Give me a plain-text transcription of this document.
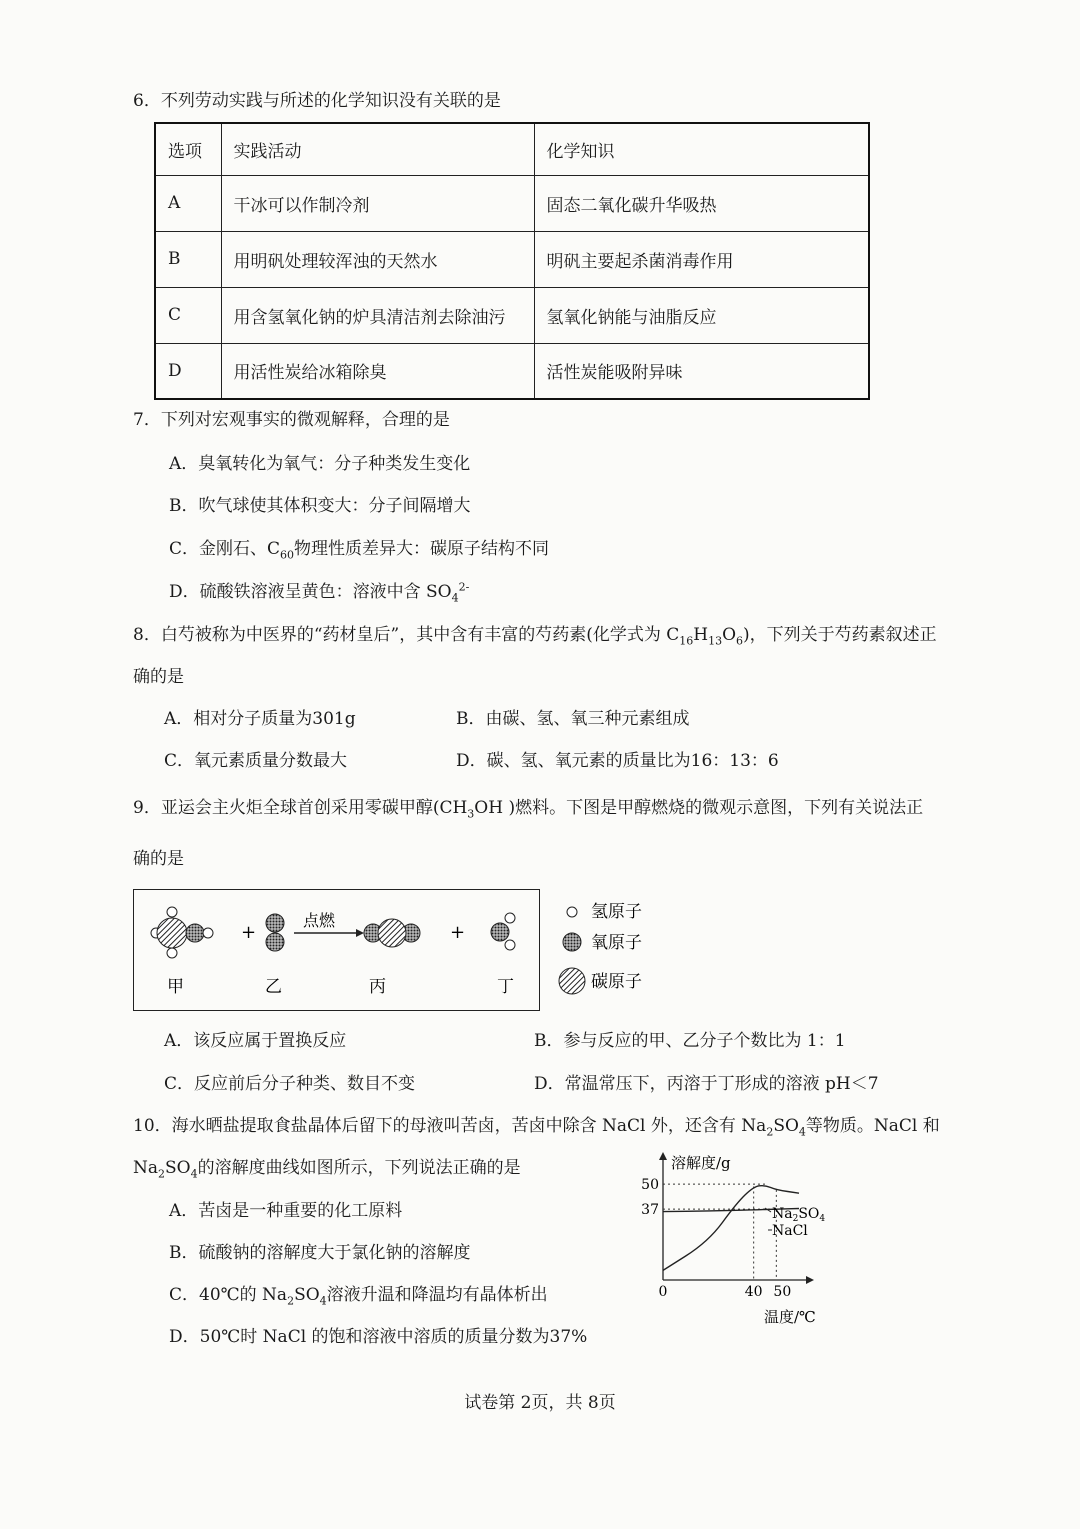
6．不列劳动实践与所述的化学知识没有关联的是
选项	实践活动	化学知识
A	干冰可以作制冷剂	固态二氧化碳升华吸热
B	用明矾处理较浑浊的天然水	明矾主要起杀菌消毒作用
C	用含氢氧化钠的炉具清洁剂去除油污	氢氧化钠能与油脂反应
D	用活性炭给冰箱除臭	活性炭能吸附异味
7．下列对宏观事实的微观解释，合理的是
A．臭氧转化为氧气：分子种类发生变化
B．吹气球使其体积变大：分子间隔增大
C．金刚石、$C_{60}$物理性质差异大：碳原子结构不同
D．硫酸铁溶液呈黄色：溶液中含 $SO_4^{2-}$
8．白芍被称为中医界的“药材皇后”，其中含有丰富的芍药素(化学式为 $C_{16}H_{13}O_6$)，下列关于芍药素叙述正
确的是
A．相对分子质量为301g	B．由碳、氢、氧三种元素组成
C．氧元素质量分数最大	D．碳、氢、氧元素的质量比为16：13：6
9．亚运会主火炬全球首创采用零碳甲醇($CH_3OH$ )燃料。下图是甲醇燃烧的微观示意图，下列有关说法正
确的是
+
点燃
+
甲	乙	丙	丁
氢原子
氧原子
碳原子
A．该反应属于置换反应	B．参与反应的甲、乙分子个数比为 1：1
C．反应前后分子种类、数目不变	D．常温常压下，丙溶于丁形成的溶液 pH＜7
10．海水晒盐提取食盐晶体后留下的母液叫苦卤，苦卤中除含 NaCl 外，还含有 $Na_2SO_4$等物质。NaCl 和
$Na_2SO_4$的溶解度曲线如图所示，下列说法正确的是
A．苦卤是一种重要的化工原料
B．硫酸钠的溶解度大于氯化钠的溶解度
C．40℃的 $Na_2SO_4$溶液升温和降温均有晶体析出
D．50℃时 NaCl 的饱和溶液中溶质的质量分数为37%
溶解度/g
温度/℃
50
37
0	40 50
$Na_2SO_4$
NaCl
试卷第 2页，共 8页
